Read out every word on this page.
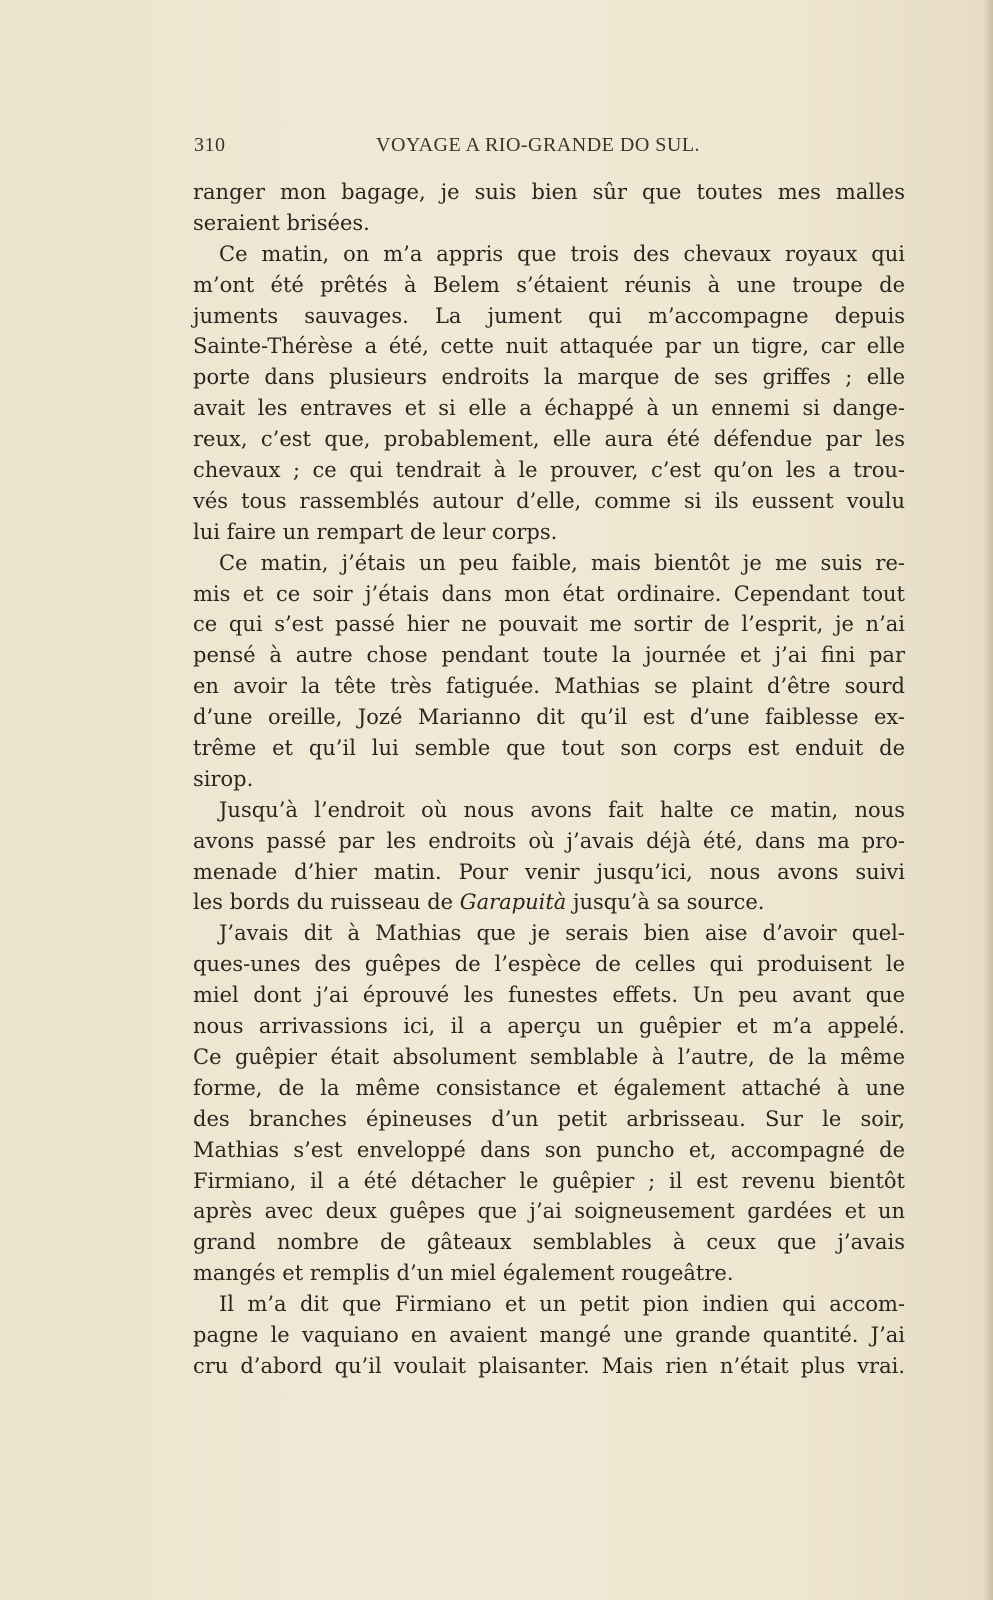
310	VOYAGE A RIO-GRANDE DO SUL.
ranger mon bagage, je suis bien sûr que toutes mes malles
seraient brisées.
Ce matin, on m’a appris que trois des chevaux royaux qui
m’ont été prêtés à Belem s’étaient réunis à une troupe de
juments sauvages. La jument qui m’accompagne depuis
Sainte-Thérèse a été, cette nuit attaquée par un tigre, car elle
porte dans plusieurs endroits la marque de ses griffes ; elle
avait les entraves et si elle a échappé à un ennemi si dange-
reux, c’est que, probablement, elle aura été défendue par les
chevaux ; ce qui tendrait à le prouver, c’est qu’on les a trou-
vés tous rassemblés autour d’elle, comme si ils eussent voulu
lui faire un rempart de leur corps.
Ce matin, j’étais un peu faible, mais bientôt je me suis re-
mis et ce soir j’étais dans mon état ordinaire. Cependant tout
ce qui s’est passé hier ne pouvait me sortir de l’esprit, je n’ai
pensé à autre chose pendant toute la journée et j’ai fini par
en avoir la tête très fatiguée. Mathias se plaint d’être sourd
d’une oreille, Jozé Marianno dit qu’il est d’une faiblesse ex-
trême et qu’il lui semble que tout son corps est enduit de
sirop.
Jusqu’à l’endroit où nous avons fait halte ce matin, nous
avons passé par les endroits où j’avais déjà été, dans ma pro-
menade d’hier matin. Pour venir jusqu’ici, nous avons suivi
les bords du ruisseau de Garapuità jusqu’à sa source.
J’avais dit à Mathias que je serais bien aise d’avoir quel-
ques-unes des guêpes de l’espèce de celles qui produisent le
miel dont j’ai éprouvé les funestes effets. Un peu avant que
nous arrivassions ici, il a aperçu un guêpier et m’a appelé.
Ce guêpier était absolument semblable à l’autre, de la même
forme, de la même consistance et également attaché à une
des branches épineuses d’un petit arbrisseau. Sur le soir,
Mathias s’est enveloppé dans son puncho et, accompagné de
Firmiano, il a été détacher le guêpier ; il est revenu bientôt
après avec deux guêpes que j’ai soigneusement gardées et un
grand nombre de gâteaux semblables à ceux que j’avais
mangés et remplis d’un miel également rougeâtre.
Il m’a dit que Firmiano et un petit pion indien qui accom-
pagne le vaquiano en avaient mangé une grande quantité. J’ai
cru d’abord qu’il voulait plaisanter. Mais rien n’était plus vrai.
